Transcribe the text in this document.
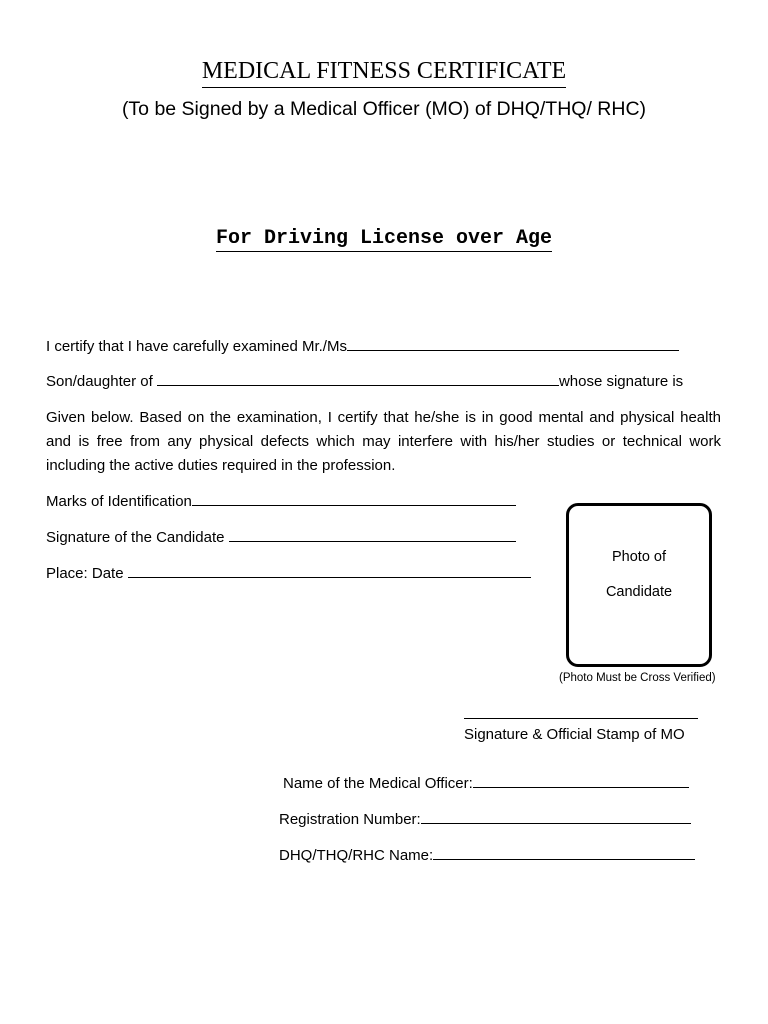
MEDICAL FITNESS CERTIFICATE
(To be Signed by a Medical Officer (MO) of DHQ/THQ/ RHC)
For Driving License over Age
I certify that I have carefully examined Mr./Ms
Son/daughter of	whose signature is
Given below. Based on the examination, I certify that he/she is in good mental and physical health and is free from any physical defects which may interfere with his/her studies or technical work including the active duties required in the profession.
Marks of Identification
Signature of the Candidate
Place: Date
Photo of
Candidate
(Photo Must be Cross Verified)
Signature & Official Stamp of MO
Name of the Medical Officer:
Registration Number:
DHQ/THQ/RHC Name:
